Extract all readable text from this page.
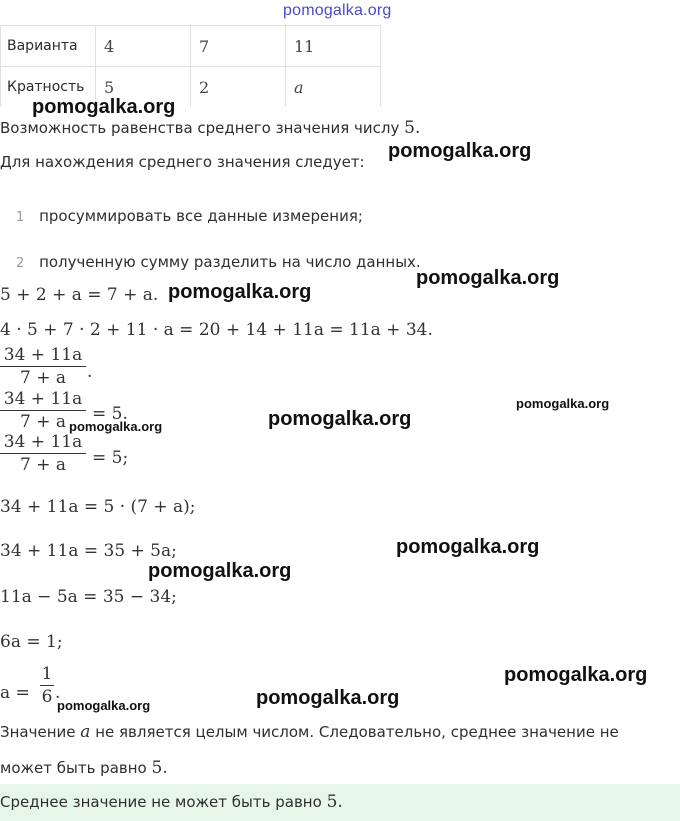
pomogalka.org
Варианта	4	7	11
Кратность	5	2	a
Возможность равенства среднего значения числу 5.
Для нахождения среднего значения следует:
1 просуммировать все данные измерения;
2 полученную сумму разделить на число данных.
5 + 2 + a = 7 + a.
4 · 5 + 7 · 2 + 11 · a = 20 + 14 + 11a = 11a + 34.
34 + 11a
7 + a	.
34 + 11a
7 + a	= 5.
34 + 11a
7 + a	= 5;
34 + 11a = 5 · (7 + a);
34 + 11a = 35 + 5a;
11a − 5a = 35 − 34;
6a = 1;
a =
1
6 .
Значение a не является целым числом. Следовательно, среднее значение не
может быть равно 5.
Среднее значение не может быть равно 5.
pomogalka.org
pomogalka.org
pomogalka.org
pomogalka.org
pomogalka.org
pomogalka.org
pomogalka.org
pomogalka.org
pomogalka.org
pomogalka.org
pomogalka.org
pomogalka.org
